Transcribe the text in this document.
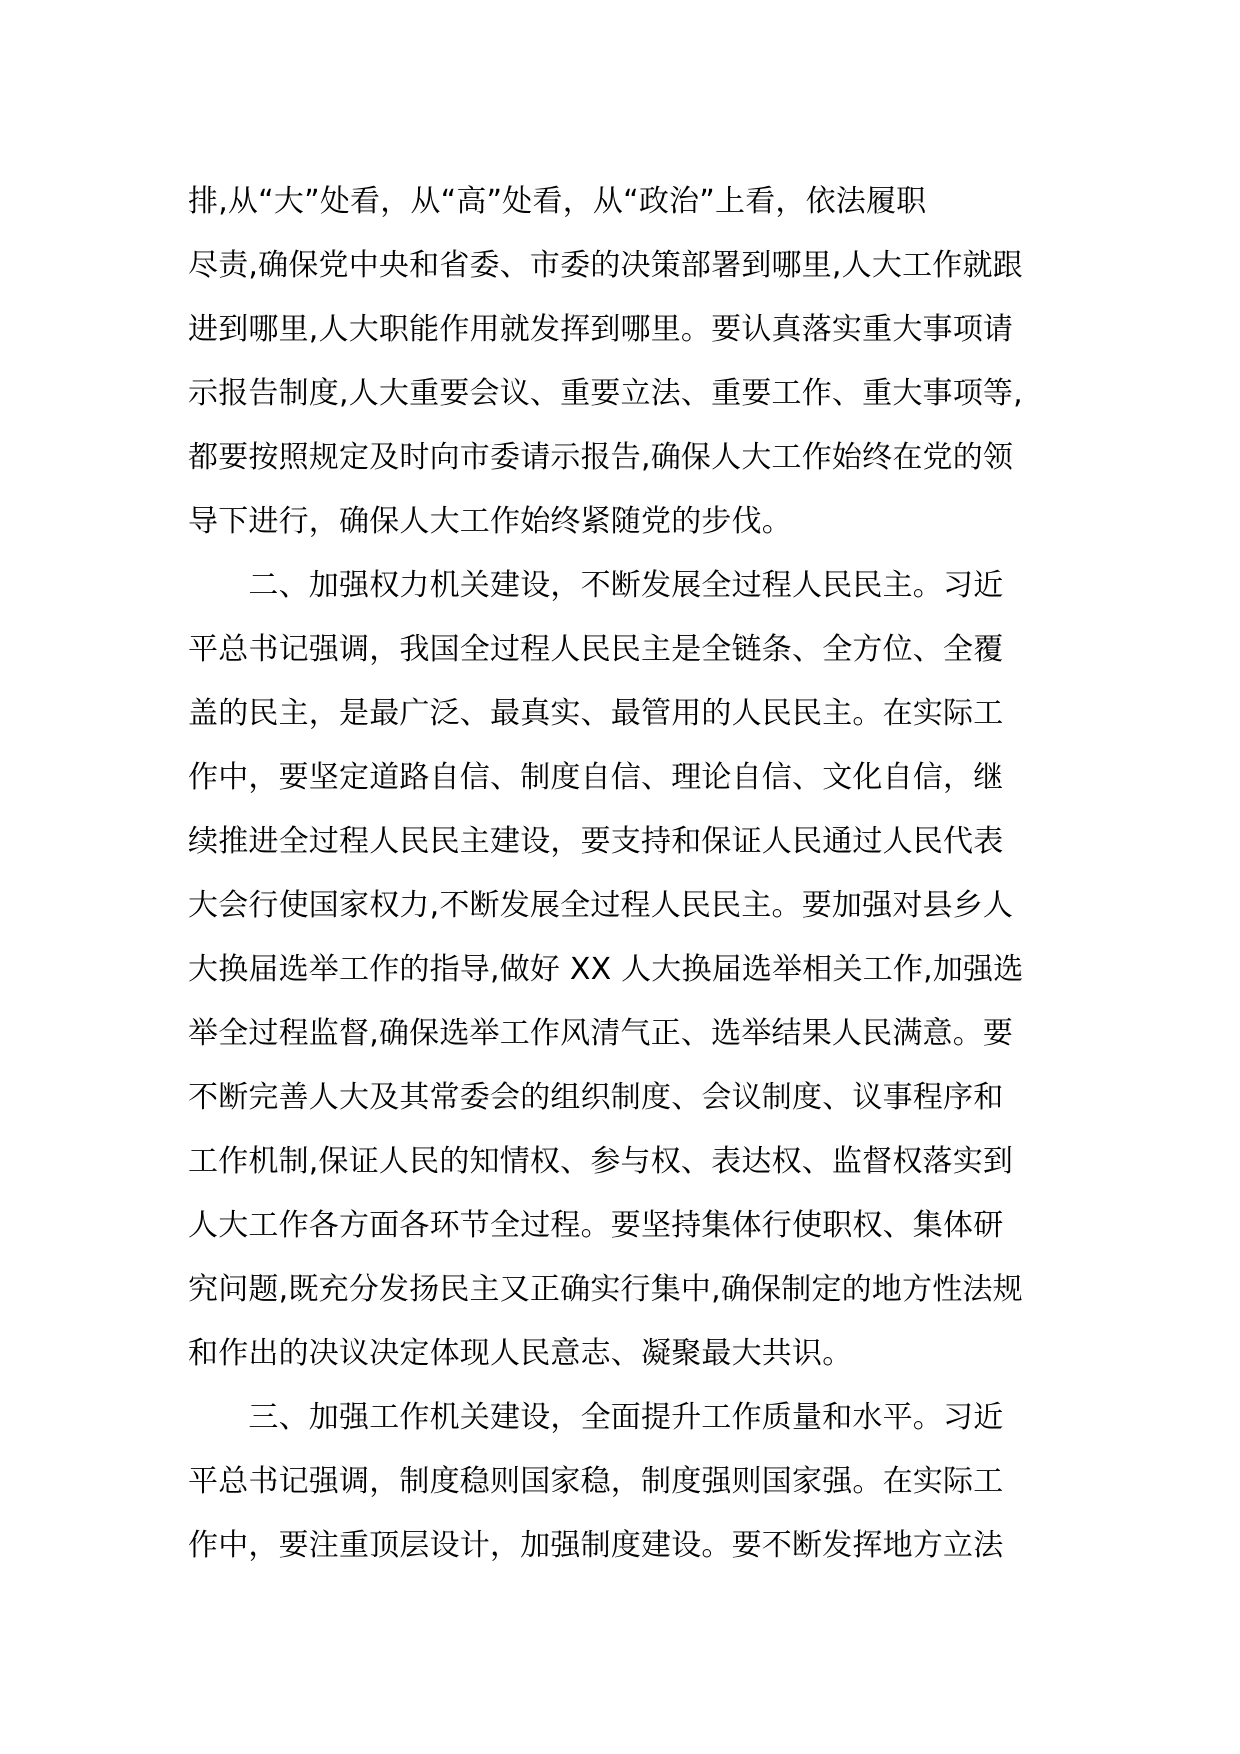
排,从“大”处看，从“高”处看，从“政治”上看，依法履职
尽责,确保党中央和省委、市委的决策部署到哪里,人大工作就跟
进到哪里,人大职能作用就发挥到哪里。要认真落实重大事项请
示报告制度,人大重要会议、重要立法、重要工作、重大事项等,
都要按照规定及时向市委请示报告,确保人大工作始终在党的领
导下进行，确保人大工作始终紧随党的步伐。
　　二、加强权力机关建设，不断发展全过程人民民主。习近
平总书记强调，我国全过程人民民主是全链条、全方位、全覆
盖的民主，是最广泛、最真实、最管用的人民民主。在实际工
作中，要坚定道路自信、制度自信、理论自信、文化自信，继
续推进全过程人民民主建设，要支持和保证人民通过人民代表
大会行使国家权力,不断发展全过程人民民主。要加强对县乡人
大换届选举工作的指导,做好 XX 人大换届选举相关工作,加强选
举全过程监督,确保选举工作风清气正、选举结果人民满意。要
不断完善人大及其常委会的组织制度、会议制度、议事程序和
工作机制,保证人民的知情权、参与权、表达权、监督权落实到
人大工作各方面各环节全过程。要坚持集体行使职权、集体研
究问题,既充分发扬民主又正确实行集中,确保制定的地方性法规
和作出的决议决定体现人民意志、凝聚最大共识。
　　三、加强工作机关建设，全面提升工作质量和水平。习近
平总书记强调，制度稳则国家稳，制度强则国家强。在实际工
作中，要注重顶层设计，加强制度建设。要不断发挥地方立法
